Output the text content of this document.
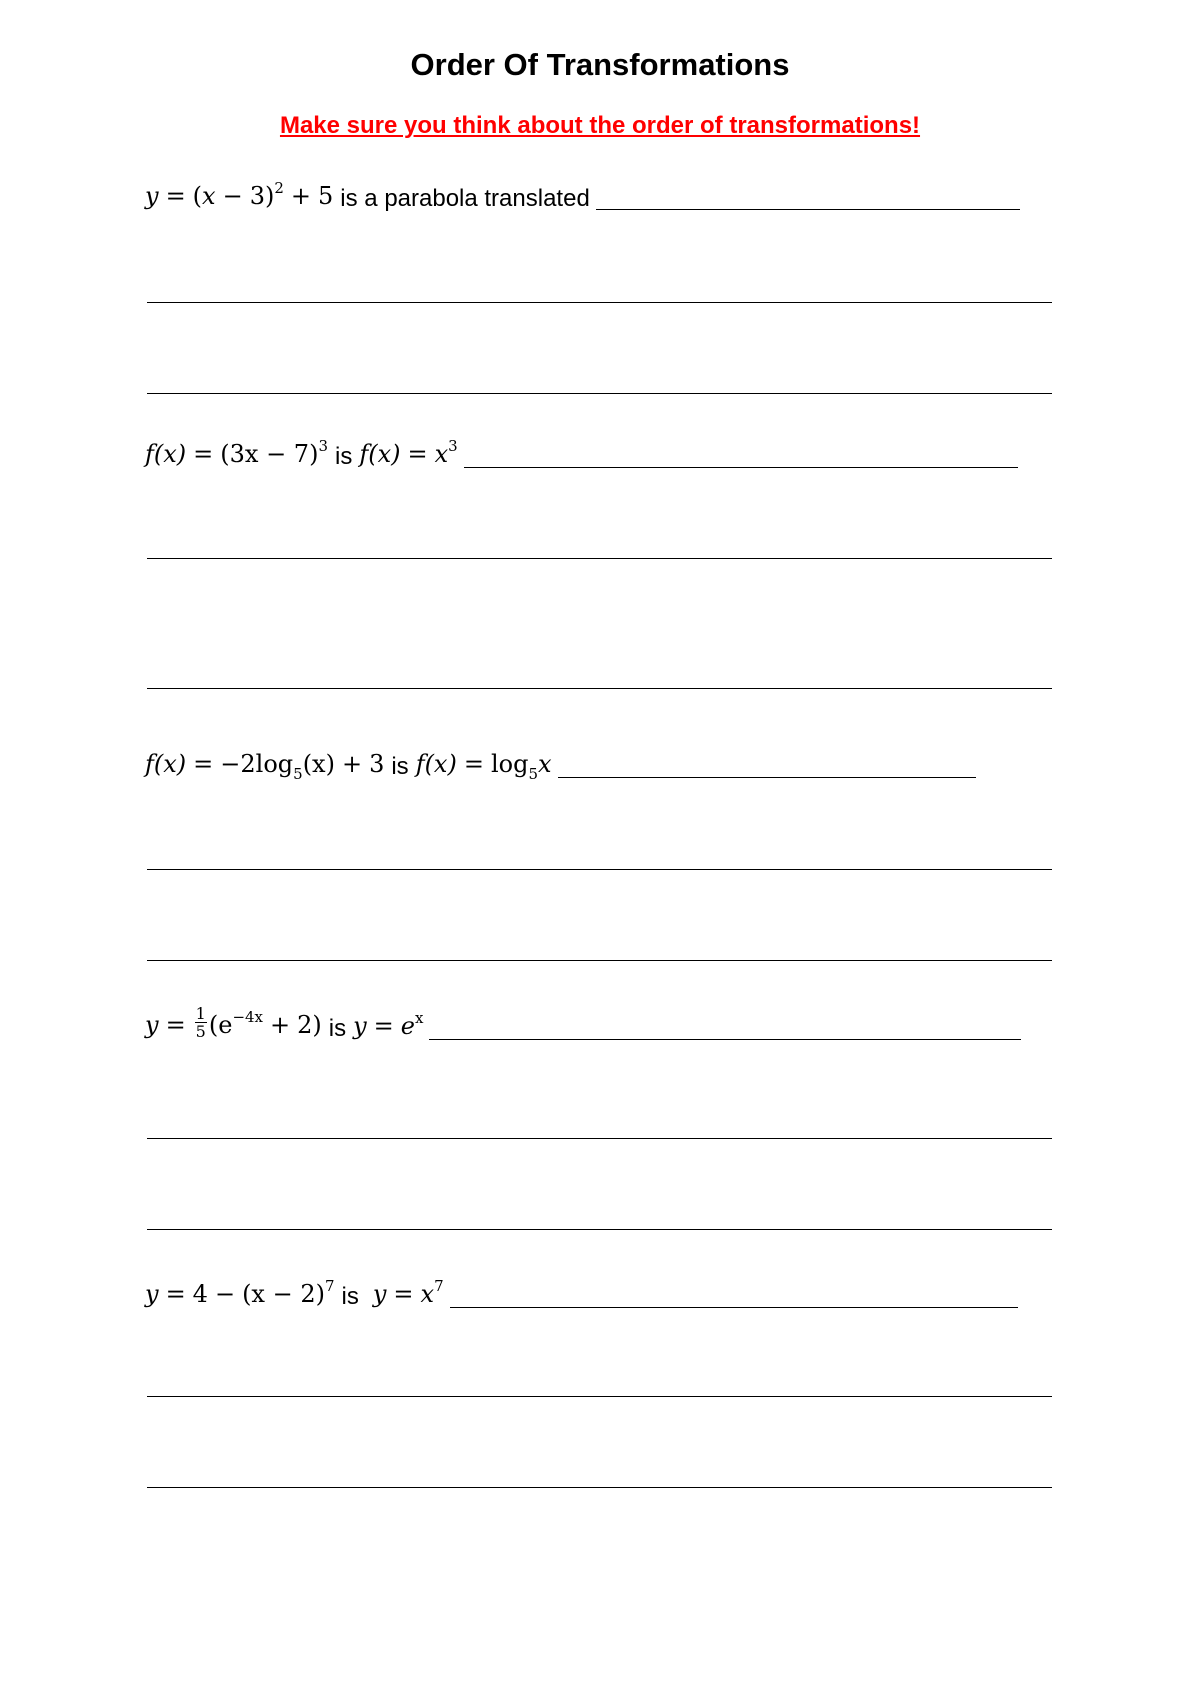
Order Of Transformations
Make sure you think about the order of transformations!
$y = (x - 3)^2 + 5$ is a parabola translated
$f(x) = (3x - 7)^3$ is $f(x) = x^3$
$f(x) = -2\log_5(x) + 3$ is $f(x) = \log_5x$
$y = \frac{1}{5} (e^{-4x} + 2)$ is $y = e^x$
$y = 4 - (x - 2)^7$ is $y = x^7$
